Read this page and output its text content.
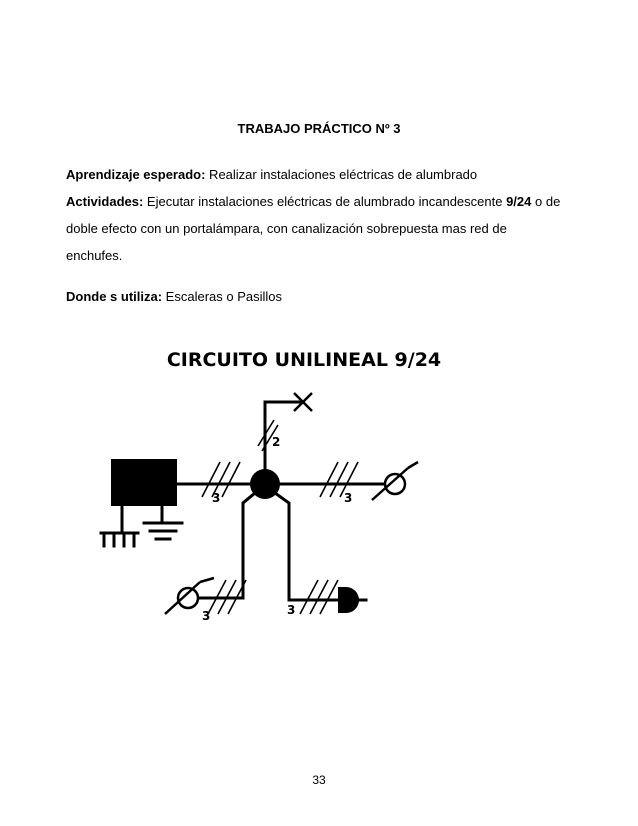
TRABAJO PRÁCTICO Nº 3
Aprendizaje esperado: Realizar instalaciones eléctricas de alumbrado
Actividades: Ejecutar instalaciones eléctricas de alumbrado incandescente 9/24 o de
doble efecto con un portalámpara, con canalización sobrepuesta mas red de
enchufes.
Donde s utiliza: Escaleras o Pasillos
CIRCUITO UNILINEAL 9/24
2
3	3
3	3
33
